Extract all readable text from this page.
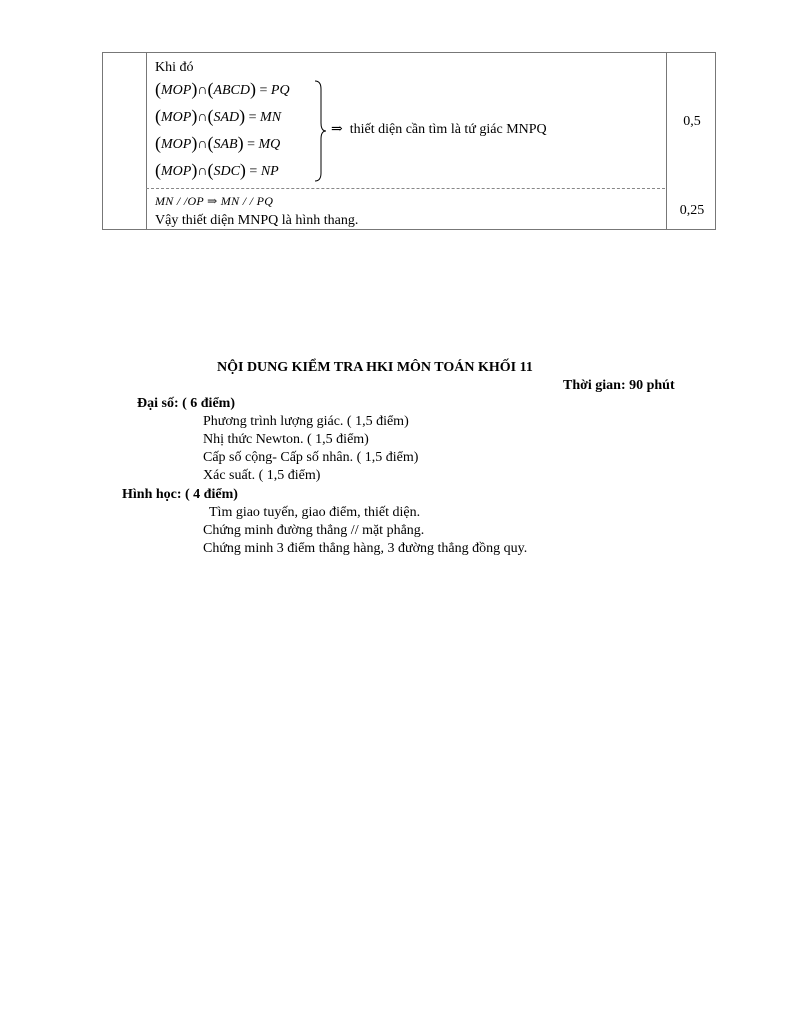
Khi đó
(MOP)∩(ABCD) = PQ
(MOP)∩(SAD) = MN
(MOP)∩(SAB) = MQ
(MOP)∩(SDC) = NP
⇒ thiết diện cần tìm là tứ giác MNPQ
0,5
MN / /OP ⇒ MN / / PQ
Vậy thiết diện MNPQ là hình thang.
0,25
NỘI DUNG KIỂM TRA HKI MÔN TOÁN KHỐI 11
Thời gian: 90 phút
Đại số: ( 6 điểm)
Phương trình lượng giác. ( 1,5 điểm)
Nhị thức Newton. ( 1,5 điểm)
Cấp số cộng- Cấp số nhân. ( 1,5 điểm)
Xác suất. ( 1,5 điểm)
Hình học: ( 4 điểm)
Tìm giao tuyến, giao điểm, thiết diện.
Chứng minh đường thẳng // mặt phẳng.
Chứng minh 3 điểm thẳng hàng, 3 đường thẳng đồng quy.
